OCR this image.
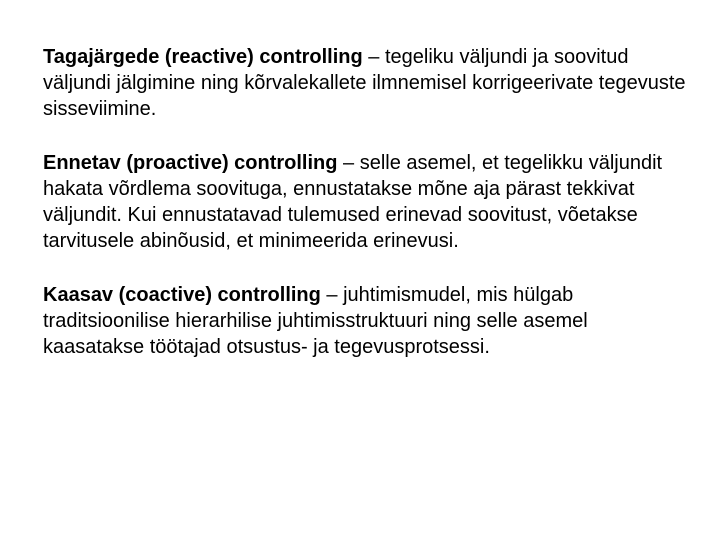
Tagajärgede (reactive) controlling – tegeliku väljundi ja soovitud väljundi jälgimine ning kõrvalekallete ilmnemisel korrigeerivate tegevuste sisseviimine.

Ennetav (proactive) controlling – selle asemel, et tegelikku väljundit hakata võrdlema soovituga, ennustatakse mõne aja pärast tekkivat väljundit. Kui ennustatavad tulemused erinevad soovitust, võetakse tarvitusele abinõusid, et minimeerida erinevusi.

Kaasav (coactive) controlling – juhtimismudel, mis hülgab traditsioonilise hierarhilise juhtimisstruktuuri ning selle asemel kaasatakse töötajad otsustus- ja tegevusprotsessi.
